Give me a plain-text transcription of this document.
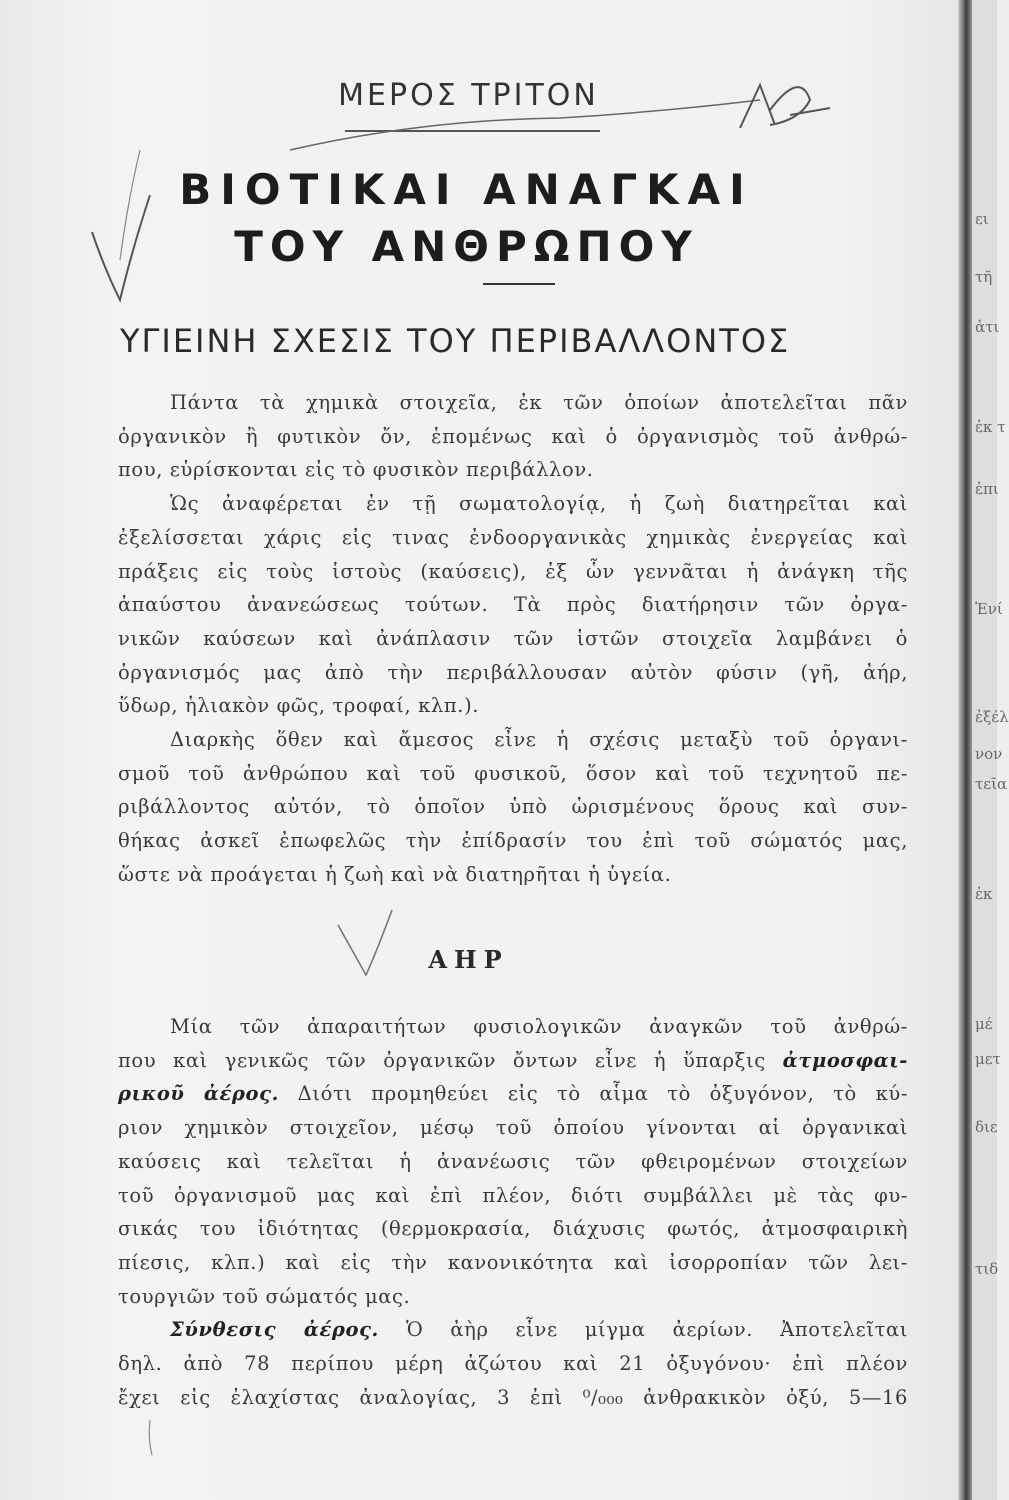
ΜΕΡΟΣ ΤΡΙΤΟΝ
ΒΙΟΤΙΚΑΙ ΑΝΑΓΚΑΙ
ΤΟΥ ΑΝΘΡΩΠΟΥ
ΥΓΙΕΙΝΗ ΣΧΕΣΙΣ ΤΟΥ ΠΕΡΙΒΑΛΛΟΝΤΟΣ

Πάντα τὰ χημικὰ στοιχεῖα, ἐκ τῶν ὁποίων ἀποτελεῖται πᾶν

ὀργανικὸν ἢ φυτικὸν ὄν, ἑπομένως καὶ ὁ ὀργανισμὸς τοῦ ἀνθρώ-

που, εὑρίσκονται εἰς τὸ φυσικὸν περιβάλλον.

Ὡς ἀναφέρεται ἐν τῇ σωματολογίᾳ, ἡ ζωὴ διατηρεῖται καὶ

ἐξελίσσεται χάρις εἰς τινας ἐνδοοργανικὰς χημικὰς ἐνεργείας καὶ

πράξεις εἰς τοὺς ἱστοὺς (καύσεις), ἐξ ὧν γεννᾶται ἡ ἀνάγκη τῆς

ἀπαύστου ἀνανεώσεως τούτων. Τὰ πρὸς διατήρησιν τῶν ὀργα-

νικῶν καύσεων καὶ ἀνάπλασιν τῶν ἱστῶν στοιχεῖα λαμβάνει ὁ

ὀργανισμός μας ἀπὸ τὴν περιβάλλουσαν αὐτὸν φύσιν (γῆ, ἀήρ,

ὕδωρ, ἡλιακὸν φῶς, τροφαί, κλπ.).

Διαρκὴς ὅθεν καὶ ἄμεσος εἶνε ἡ σχέσις μεταξὺ τοῦ ὀργανι-

σμοῦ τοῦ ἀνθρώπου καὶ τοῦ φυσικοῦ, ὅσον καὶ τοῦ τεχνητοῦ πε-

ριβάλλοντος αὐτόν, τὸ ὁποῖον ὑπὸ ὡρισμένους ὅρους καὶ συν-

θήκας ἀσκεῖ ἐπωφελῶς τὴν ἐπίδρασίν του ἐπὶ τοῦ σώματός μας,

ὥστε νὰ προάγεται ἡ ζωὴ καὶ νὰ διατηρῆται ἡ ὑγεία.

ΑΗΡ

Μία τῶν ἀπαραιτήτων φυσιολογικῶν ἀναγκῶν τοῦ ἀνθρώ-

που καὶ γενικῶς τῶν ὀργανικῶν ὄντων εἶνε ἡ ὕπαρξις ἀτμοσφαι-

ρικοῦ ἀέρος. Διότι προμηθεύει εἰς τὸ αἷμα τὸ ὀξυγόνον, τὸ κύ-

ριον χημικὸν στοιχεῖον, μέσῳ τοῦ ὁποίου γίνονται αἱ ὀργανικαὶ

καύσεις καὶ τελεῖται ἡ ἀνανέωσις τῶν φθειρομένων στοιχείων

τοῦ ὀργανισμοῦ μας καὶ ἐπὶ πλέον, διότι συμβάλλει μὲ τὰς φυ-

σικάς του ἰδιότητας (θερμοκρασία, διάχυσις φωτός, ἀτμοσφαιρικὴ

πίεσις, κλπ.) καὶ εἰς τὴν κανονικότητα καὶ ἰσορροπίαν τῶν λει-

τουργιῶν τοῦ σώματός μας.

Σύνθεσις ἀέρος. Ὁ ἀὴρ εἶνε μίγμα ἀερίων. Ἀποτελεῖται

δηλ. ἀπὸ 78 περίπου μέρη ἀζώτου καὶ 21 ὀξυγόνου· ἐπὶ πλέον

ἔχει εἰς ἐλαχίστας ἀναλογίας, 3 ἐπὶ ⁰/₀₀₀ ἀνθρακικὸν ὀξύ, 5—16

ει
τῆ
ἀτι
ἐκ τ
ἐπι
Ἐνί
ἐξέλ
νον
τεῖα
ἐκ
μέ
μετ
διε
τιδ
